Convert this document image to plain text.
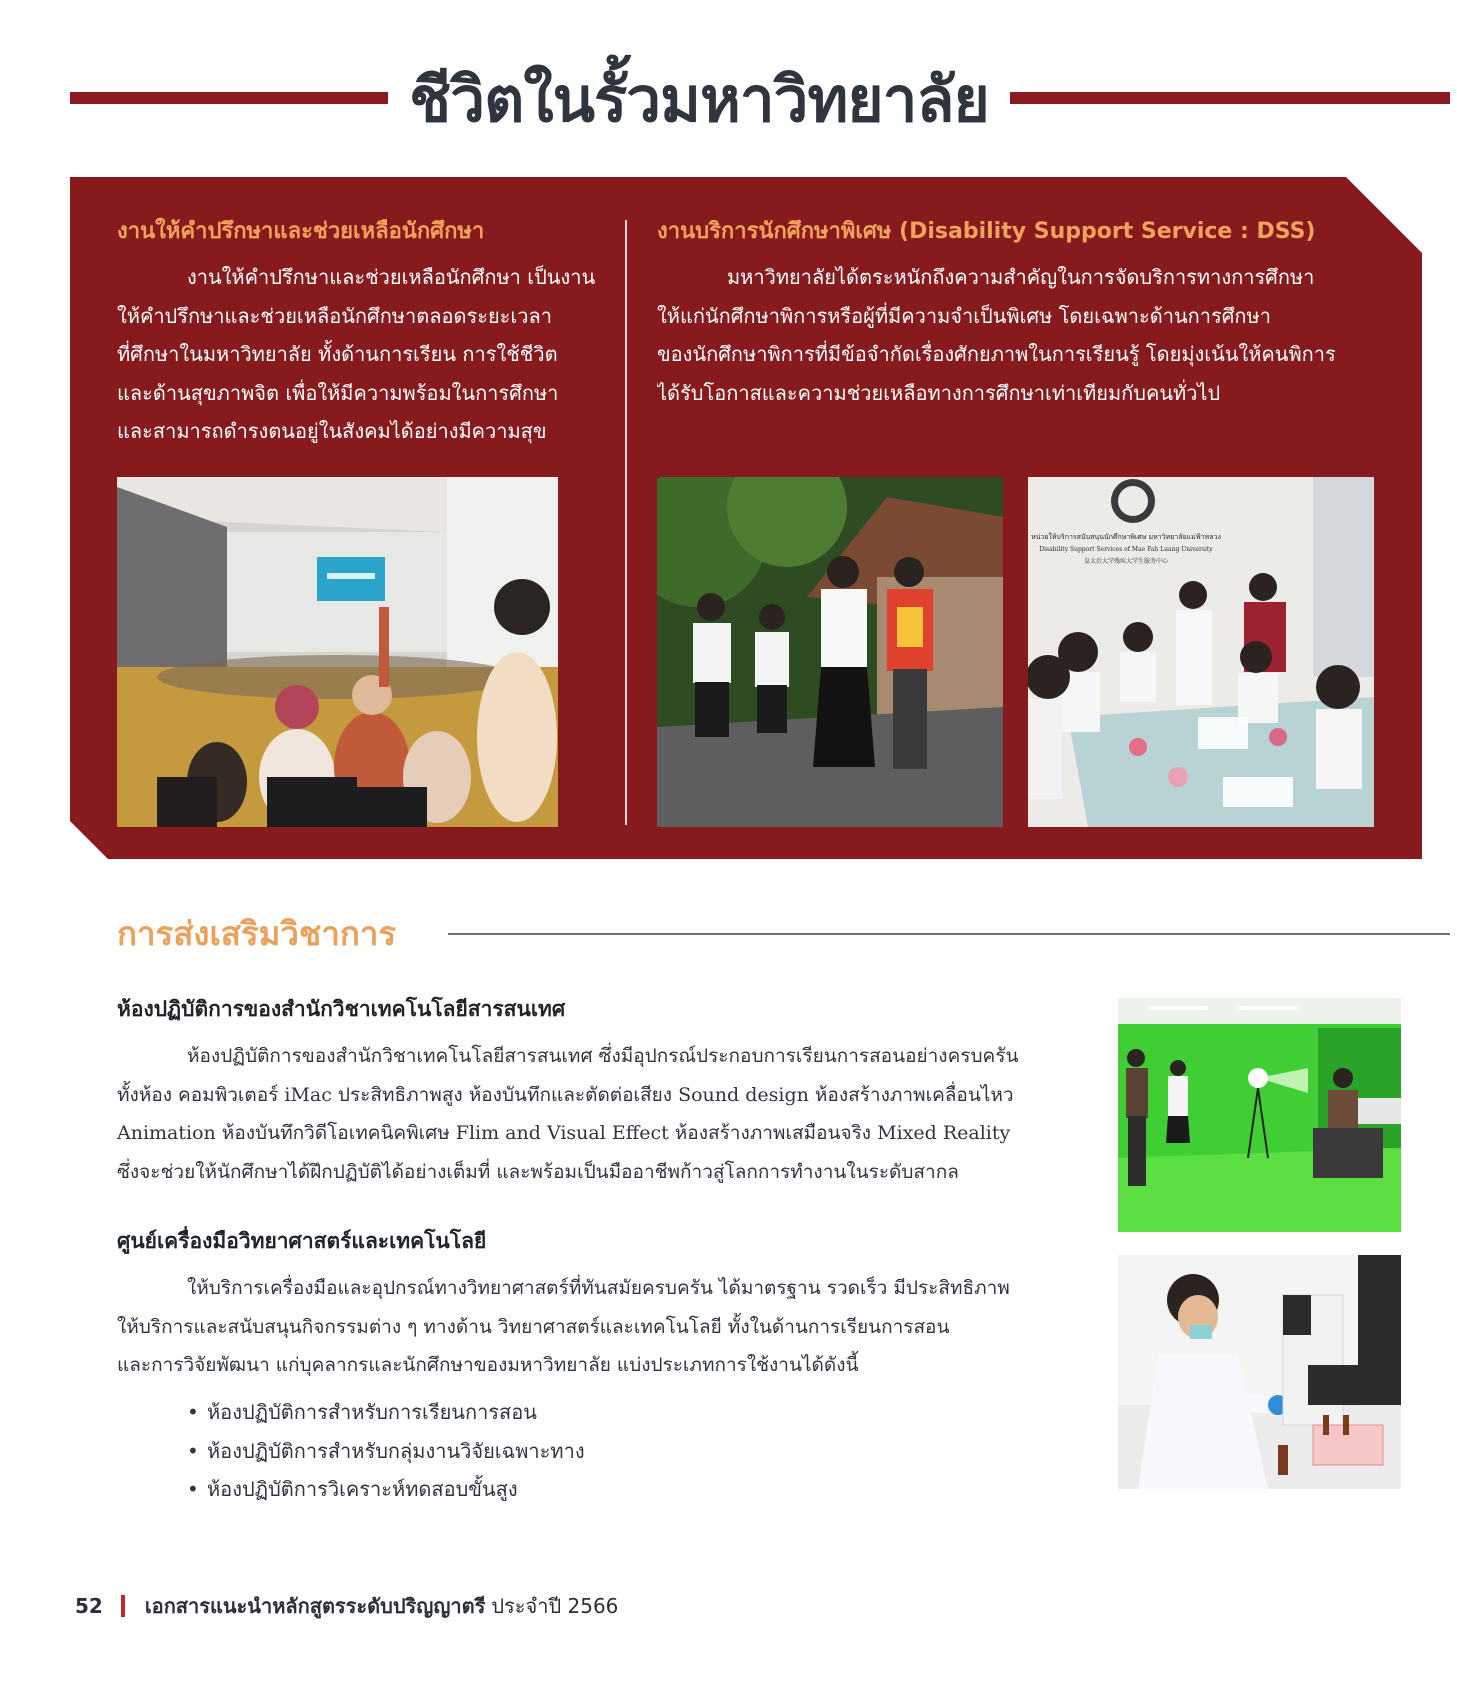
ชีวิตในรั้วมหาวิทยาลัย
งานให้คำปรึกษาและช่วยเหลือนักศึกษา

งานให้คำปรึกษาและช่วยเหลือนักศึกษา เป็นงาน
ให้คำปรึกษาและช่วยเหลือนักศึกษาตลอดระยะเวลา
ที่ศึกษาในมหาวิทยาลัย ทั้งด้านการเรียน การใช้ชีวิต
และด้านสุขภาพจิต เพื่อให้มีความพร้อมในการศึกษา
และสามารถดำรงตนอยู่ในสังคมได้อย่างมีความสุข

งานบริการนักศึกษาพิเศษ (Disability Support Service : DSS)

มหาวิทยาลัยได้ตระหนักถึงความสำคัญในการจัดบริการทางการศึกษา
ให้แก่นักศึกษาพิการหรือผู้ที่มีความจำเป็นพิเศษ โดยเฉพาะด้านการศึกษา
ของนักศึกษาพิการที่มีข้อจำกัดเรื่องศักยภาพในการเรียนรู้ โดยมุ่งเน้นให้คนพิการ
ได้รับโอกาสและความช่วยเหลือทางการศึกษาเท่าเทียมกับคนทั่วไป

หน่วยให้บริการสนับสนุนนักศึกษาพิเศษ มหาวิทยาลัยแม่ฟ้าหลวง
Disability Support Services of Mae Fah Luang University
皇太后大学残疾大学生服务中心
การส่งเสริมวิชาการ
ห้องปฏิบัติการของสำนักวิชาเทคโนโลยีสารสนเทศ

ห้องปฏิบัติการของสำนักวิชาเทคโนโลยีสารสนเทศ ซึ่งมีอุปกรณ์ประกอบการเรียนการสอนอย่างครบครัน
ทั้งห้อง คอมพิวเตอร์ iMac ประสิทธิภาพสูง ห้องบันทึกและตัดต่อเสียง Sound design ห้องสร้างภาพเคลื่อนไหว
Animation ห้องบันทึกวิดีโอเทคนิคพิเศษ Flim and Visual Effect ห้องสร้างภาพเสมือนจริง Mixed Reality
ซึ่งจะช่วยให้นักศึกษาได้ฝึกปฏิบัติได้อย่างเต็มที่ และพร้อมเป็นมืออาชีพก้าวสู่โลกการทำงานในระดับสากล

ศูนย์เครื่องมือวิทยาศาสตร์และเทคโนโลยี

ให้บริการเครื่องมือและอุปกรณ์ทางวิทยาศาสตร์ที่ทันสมัยครบครัน ได้มาตรฐาน รวดเร็ว มีประสิทธิภาพ
ให้บริการและสนับสนุนกิจกรรมต่าง ๆ ทางด้าน วิทยาศาสตร์และเทคโนโลยี ทั้งในด้านการเรียนการสอน
และการวิจัยพัฒนา แก่บุคลากรและนักศึกษาของมหาวิทยาลัย แบ่งประเภทการใช้งานได้ดังนี้

• ห้องปฏิบัติการสำหรับการเรียนการสอน
• ห้องปฏิบัติการสำหรับกลุ่มงานวิจัยเฉพาะทาง
• ห้องปฏิบัติการวิเคราะห์ทดสอบขั้นสูง
52 เอกสารแนะนำหลักสูตรระดับปริญญาตรี ประจำปี 2566
